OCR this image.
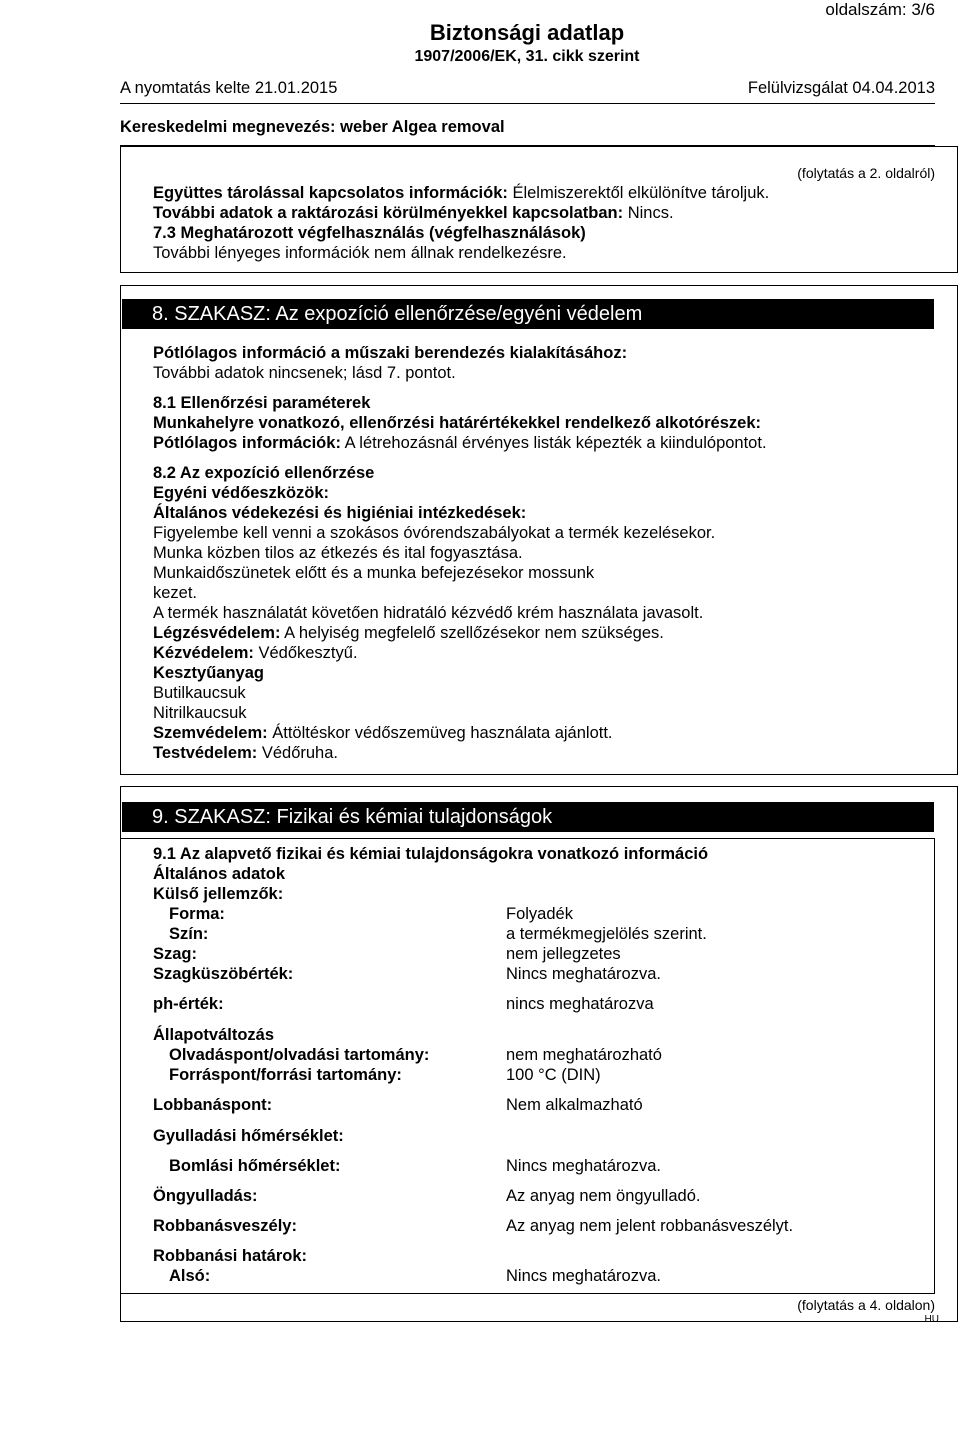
oldalszám: 3/6
Biztonsági adatlap
1907/2006/EK, 31. cikk szerint
A nyomtatás kelte 21.01.2015	Felülvizsgálat 04.04.2013
Kereskedelmi megnevezés: weber Algea removal
(folytatás a 2. oldalról)
Együttes tárolással kapcsolatos információk: Élelmiszerektől elkülönítve tároljuk.
További adatok a raktározási körülményekkel kapcsolatban: Nincs.
7.3 Meghatározott végfelhasználás (végfelhasználások)
További lényeges információk nem állnak rendelkezésre.
8. SZAKASZ: Az expozíció ellenőrzése/egyéni védelem
Pótlólagos információ a műszaki berendezés kialakításához:
További adatok nincsenek; lásd 7. pontot.
8.1 Ellenőrzési paraméterek
Munkahelyre vonatkozó, ellenőrzési határértékekkel rendelkező alkotórészek:
Pótlólagos információk: A létrehozásnál érvényes listák képezték a kiindulópontot.
8.2 Az expozíció ellenőrzése
Egyéni védőeszközök:
Általános védekezési és higiéniai intézkedések:
Figyelembe kell venni a szokásos óvórendszabályokat a termék kezelésekor.
Munka közben tilos az étkezés és ital fogyasztása.
Munkaidőszünetek előtt és a munka befejezésekor mossunk
kezet.
A termék használatát követően hidratáló kézvédő krém használata javasolt.
Légzésvédelem: A helyiség megfelelő szellőzésekor nem szükséges.
Kézvédelem: Védőkesztyű.
Kesztyűanyag
Butilkaucsuk
Nitrilkaucsuk
Szemvédelem: Áttöltéskor védőszemüveg használata ajánlott.
Testvédelem: Védőruha.
9. SZAKASZ: Fizikai és kémiai tulajdonságok
9.1 Az alapvető fizikai és kémiai tulajdonságokra vonatkozó információ
Általános adatok
Külső jellemzők:
Forma:	Folyadék
Szín:	a termékmegjelölés szerint.
Szag:	nem jellegzetes
Szagküszöbérték:	Nincs meghatározva.
ph-érték:	nincs meghatározva
Állapotváltozás
Olvadáspont/olvadási tartomány:	nem meghatározható
Forráspont/forrási tartomány:	100 °C (DIN)
Lobbanáspont:	Nem alkalmazható
Gyulladási hőmérséklet:
Bomlási hőmérséklet:	Nincs meghatározva.
Öngyulladás:	Az anyag nem öngyulladó.
Robbanásveszély:	Az anyag nem jelent robbanásveszélyt.
Robbanási határok:
Alsó:	Nincs meghatározva.
(folytatás a 4. oldalon)
HU
